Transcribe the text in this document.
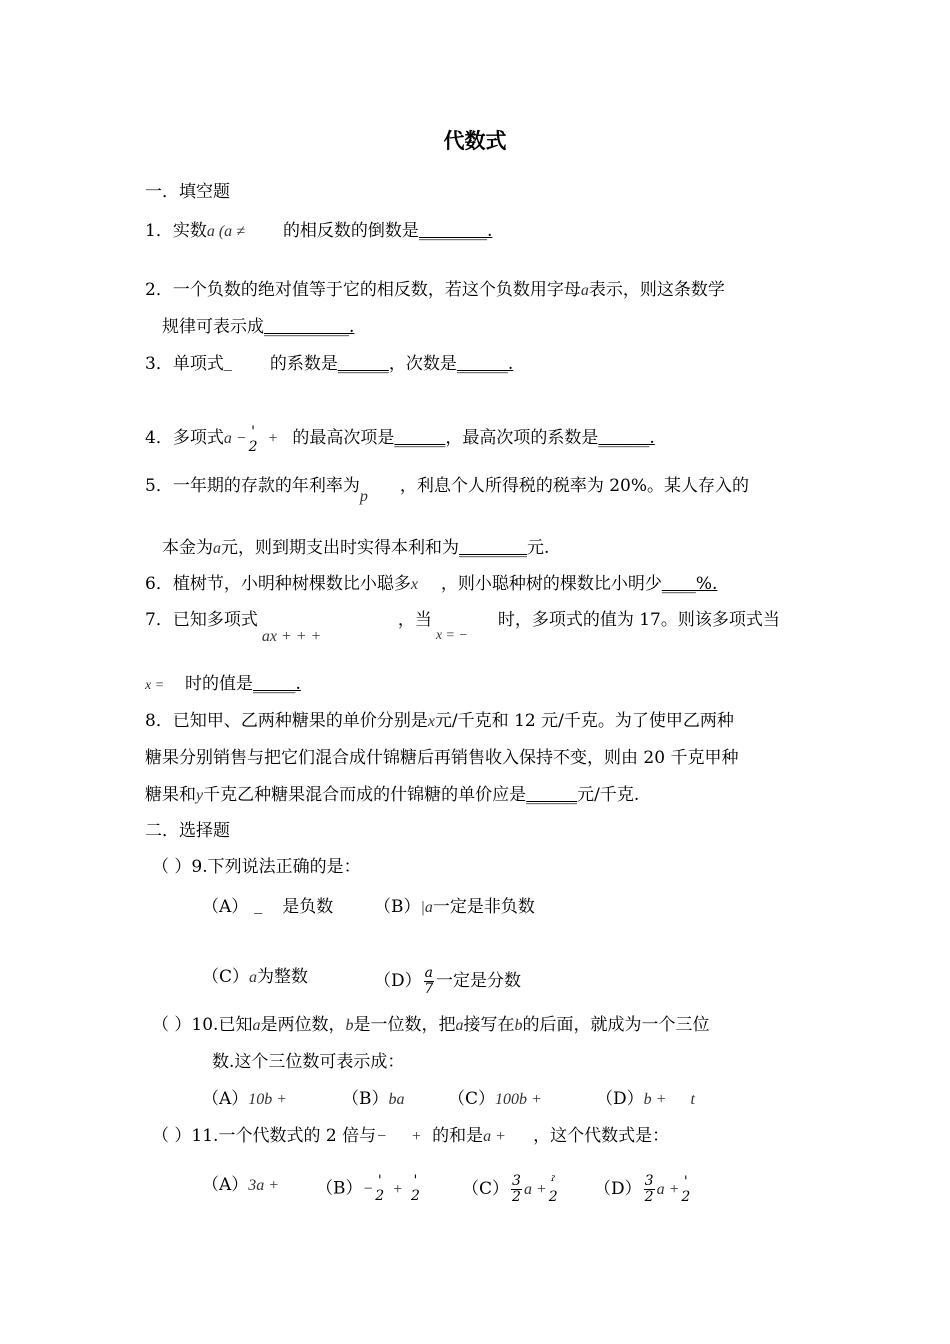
代数式
一．填空题
1．实数a (a ≠ 的相反数的倒数是________.
2．一个负数的绝对值等于它的相反数，若这个负数用字母a表示，则这条数学
规律可表示成__________.
3．单项式_ 的系数是______，次数是______.
4．多项式a − '
2 + 的最高次项是______，最高次项的系数是______.
5．一年期的存款的年利率为p，利息个人所得税的税率为 20%。某人存入的
本金为a元，则到期支出时实得本利和为________元.
6．植树节，小明种树棵数比小聪多x ，则小聪种树的棵数比小明少____%.
7．已知多项式ax + + +，当x = −时，多项式的值为 17。则该多项式当
x = 时的值是_____.
8．已知甲、乙两种糖果的单价分别是x元/千克和 12 元/千克。为了使甲乙两种
糖果分别销售与把它们混合成什锦糖后再销售收入保持不变，则由 20 千克甲种
糖果和y千克乙种糖果混合而成的什锦糖的单价应是______元/千克.
二．选择题
（ ）9.下列说法正确的是：
（A） _ 是负数 （B）|a一定是非负数
（C）a为整数	$(D) \frac{a}{7}$ 一定是分数
（ ）10.已知a是两位数，b是一位数，把a接写在b的后面，就成为一个三位
数.这个三位数可表示成：
（A）10b +	（B）ba	（C）100b +	（D）b +      t
（ ）11.一个代数式的 2 倍与−      + 的和是a + ，这个代数式是：
（A）3a + （B）− '
2 + '
2 $(C) \frac{3}{2}$ a + ˀ
2 $(D) \frac{3}{2}$ a + '
2
